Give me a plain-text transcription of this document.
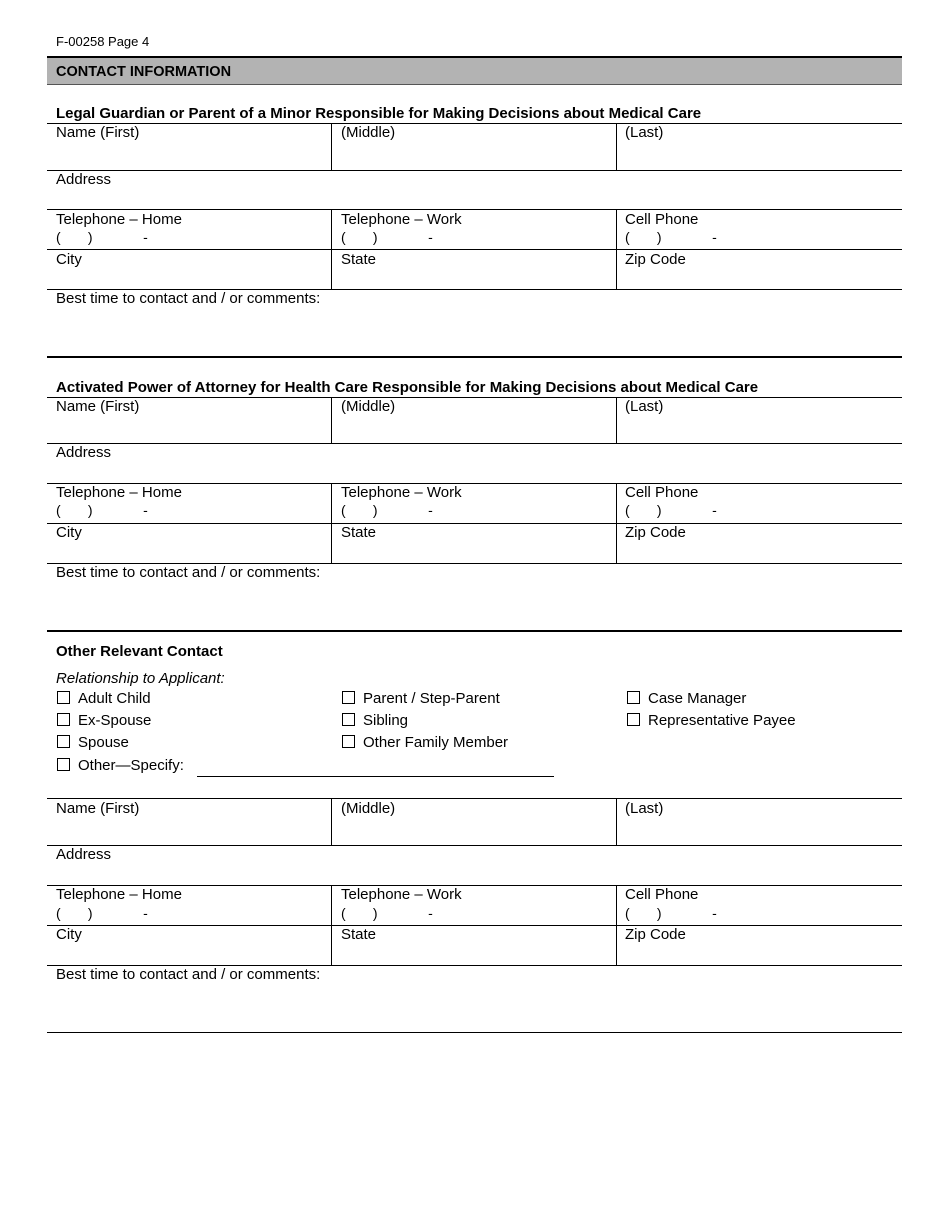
F-00258 Page 4
CONTACT INFORMATION
Legal Guardian or Parent of a Minor Responsible for Making Decisions about Medical Care
Name (First)	(Middle)	(Last)
Address
Telephone – Home	Telephone – Work	Cell Phone
(       )             -	(       )             -	(       )             -
City	State	Zip Code
Best time to contact and / or comments:
Activated Power of Attorney for Health Care Responsible for Making Decisions about Medical Care
Name (First)	(Middle)	(Last)
Address
Telephone – Home	Telephone – Work	Cell Phone
(       )             -	(       )             -	(       )             -
City	State	Zip Code
Best time to contact and / or comments:
Other Relevant Contact
Relationship to Applicant:
Adult Child
Ex-Spouse
Spouse
Other—Specify:
Parent / Step-Parent
Sibling
Other Family Member
Case Manager
Representative Payee
Name (First)	(Middle)	(Last)
Address
Telephone – Home	Telephone – Work	Cell Phone
(       )             -	(       )             -	(       )             -
City	State	Zip Code
Best time to contact and / or comments:
